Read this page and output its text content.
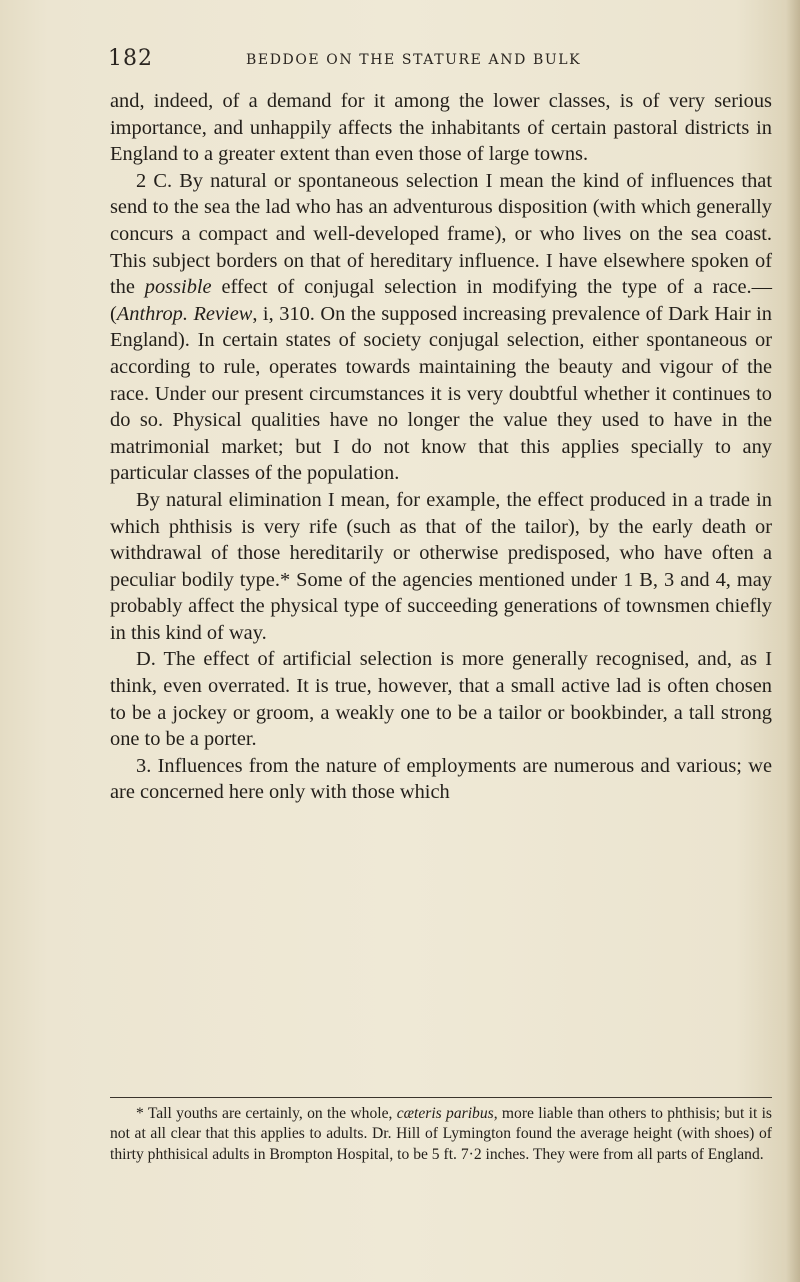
182	BEDDOE ON THE STATURE AND BULK

and, indeed, of a demand for it among the lower classes, is of very serious importance, and unhappily affects the inhabitants of certain pastoral districts in England to a greater extent than even those of large towns.

2 C. By natural or spontaneous selection I mean the kind of influences that send to the sea the lad who has an adventurous disposition (with which generally concurs a compact and well-developed frame), or who lives on the sea coast. This subject borders on that of hereditary influence. I have elsewhere spoken of the possible effect of conjugal selection in modifying the type of a race.—(Anthrop. Review, i, 310. On the supposed increasing prevalence of Dark Hair in England). In certain states of society conjugal selection, either spontaneous or according to rule, operates towards maintaining the beauty and vigour of the race. Under our present circumstances it is very doubtful whether it continues to do so. Physical qualities have no longer the value they used to have in the matrimonial market; but I do not know that this applies specially to any particular classes of the population.

By natural elimination I mean, for example, the effect produced in a trade in which phthisis is very rife (such as that of the tailor), by the early death or withdrawal of those hereditarily or otherwise predisposed, who have often a peculiar bodily type.* Some of the agencies mentioned under 1 B, 3 and 4, may probably affect the physical type of succeeding generations of townsmen chiefly in this kind of way.

D. The effect of artificial selection is more generally recognised, and, as I think, even overrated. It is true, however, that a small active lad is often chosen to be a jockey or groom, a weakly one to be a tailor or bookbinder, a tall strong one to be a porter.

3. Influences from the nature of employments are numerous and various; we are concerned here only with those which

* Tall youths are certainly, on the whole, cæteris paribus, more liable than others to phthisis; but it is not at all clear that this applies to adults. Dr. Hill of Lymington found the average height (with shoes) of thirty phthisical adults in Brompton Hospital, to be 5 ft. 7·2 inches. They were from all parts of England.
